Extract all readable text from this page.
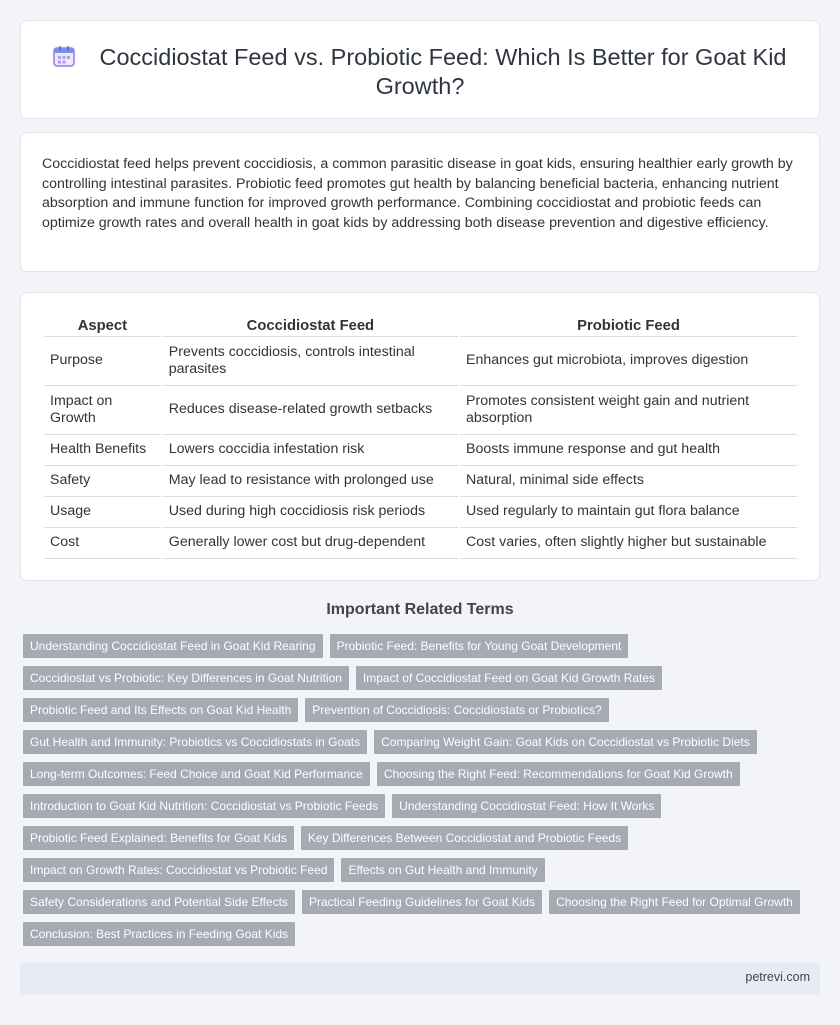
Coccidiostat Feed vs. Probiotic Feed: Which Is Better for Goat Kid Growth?

Coccidiostat feed helps prevent coccidiosis, a common parasitic disease in goat kids, ensuring healthier early growth by controlling intestinal parasites. Probiotic feed promotes gut health by balancing beneficial bacteria, enhancing nutrient absorption and immune function for improved growth performance. Combining coccidiostat and probiotic feeds can optimize growth rates and overall health in goat kids by addressing both disease prevention and digestive efficiency.

Aspect	Coccidiostat Feed	Probiotic Feed
Purpose	Prevents coccidiosis, controls intestinal parasites	Enhances gut microbiota, improves digestion
Impact on Growth	Reduces disease-related growth setbacks	Promotes consistent weight gain and nutrient absorption
Health Benefits	Lowers coccidia infestation risk	Boosts immune response and gut health
Safety	May lead to resistance with prolonged use	Natural, minimal side effects
Usage	Used during high coccidiosis risk periods	Used regularly to maintain gut flora balance
Cost	Generally lower cost but drug-dependent	Cost varies, often slightly higher but sustainable
Important Related Terms
Understanding Coccidiostat Feed in Goat Kid Rearing	Probiotic Feed: Benefits for Young Goat Development
Coccidiostat vs Probiotic: Key Differences in Goat Nutrition	Impact of Coccidiostat Feed on Goat Kid Growth Rates
Probiotic Feed and Its Effects on Goat Kid Health	Prevention of Coccidiosis: Coccidiostats or Probiotics?
Gut Health and Immunity: Probiotics vs Coccidiostats in Goats	Comparing Weight Gain: Goat Kids on Coccidiostat vs Probiotic Diets
Long-term Outcomes: Feed Choice and Goat Kid Performance	Choosing the Right Feed: Recommendations for Goat Kid Growth
Introduction to Goat Kid Nutrition: Coccidiostat vs Probiotic Feeds	Understanding Coccidiostat Feed: How It Works
Probiotic Feed Explained: Benefits for Goat Kids	Key Differences Between Coccidiostat and Probiotic Feeds
Impact on Growth Rates: Coccidiostat vs Probiotic Feed	Effects on Gut Health and Immunity
Safety Considerations and Potential Side Effects	Practical Feeding Guidelines for Goat Kids	Choosing the Right Feed for Optimal Growth
Conclusion: Best Practices in Feeding Goat Kids
petrevi.com
